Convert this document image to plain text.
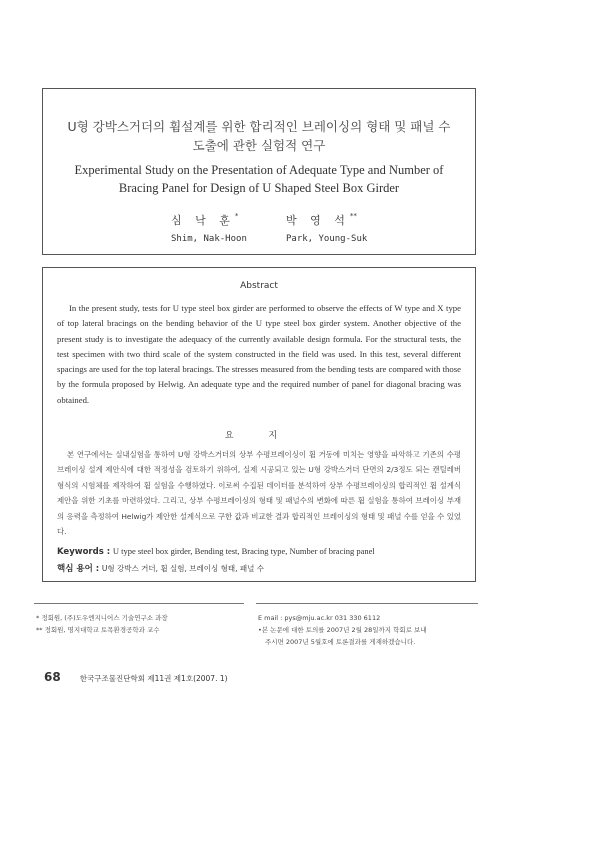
U형 강박스거더의 휨설계를 위한 합리적인 브레이싱의 형태 및 패널 수
도출에 관한 실험적 연구
Experimental Study on the Presentation of Adequate Type and Number of
Bracing Panel for Design of U Shaped Steel Box Girder
심 낙 훈*
Shim, Nak-Hoon
박 영 석**
Park, Young-Suk
Abstract
In the present study, tests for U type steel box girder are performed to observe the effects of W type and X type of top lateral bracings on the bending behavior of the U type steel box girder system. Another objective of the present study is to investigate the adequacy of the currently available design formula. For the structural tests, the test specimen with two third scale of the system constructed in the field was used. In this test, several different spacings are used for the top lateral bracings. The stresses measured from the bending tests are compared with those by the formula proposed by Helwig. An adequate type and the required number of panel for diagonal bracing was obtained.
요 지
본 연구에서는 실내실험을 통하여 U형 강박스거더의 상부 수평브레이싱이 휨 거동에 미치는 영향을 파악하고 기존의 수평브레이싱 설계 제안식에 대한 적정성을 검토하기 위하여, 실제 시공되고 있는 U형 강박스거더 단면의 2/3정도 되는 캔틸레버 형식의 시험체를 제작하여 휨 실험을 수행하였다. 이로써 수집된 데이터를 분석하여 상부 수평브레이싱의 합리적인 휨 설계식 제안을 위한 기초를 마련하였다. 그리고, 상부 수평브레이싱의 형태 및 패널수의 변화에 따른 휨 실험을 통하여 브레이싱 부재의 응력을 측정하여 Helwig가 제안한 설계식으로 구한 값과 비교한 결과 합리적인 브레이싱의 형태 및 패널 수를 얻을 수 있었다.
Keywords : U type steel box girder, Bending test, Bracing type, Number of bracing panel
핵심 용어 : U형 강박스 거더, 휨 실험, 브레이싱 형태, 패널 수
* 정회원, (주)도우엔지니어스 기술연구소 과장
** 정회원, 명지대학교 토목환경공학과 교수
E mail : pys@mju.ac.kr 031 330 6112
•본 논문에 대한 토의를 2007년 2월 28일까지 학회로 보내
주시면 2007년 5월호에 토론결과를 게재하겠습니다.
68	한국구조물진단학회 제11권 제1호(2007. 1)
